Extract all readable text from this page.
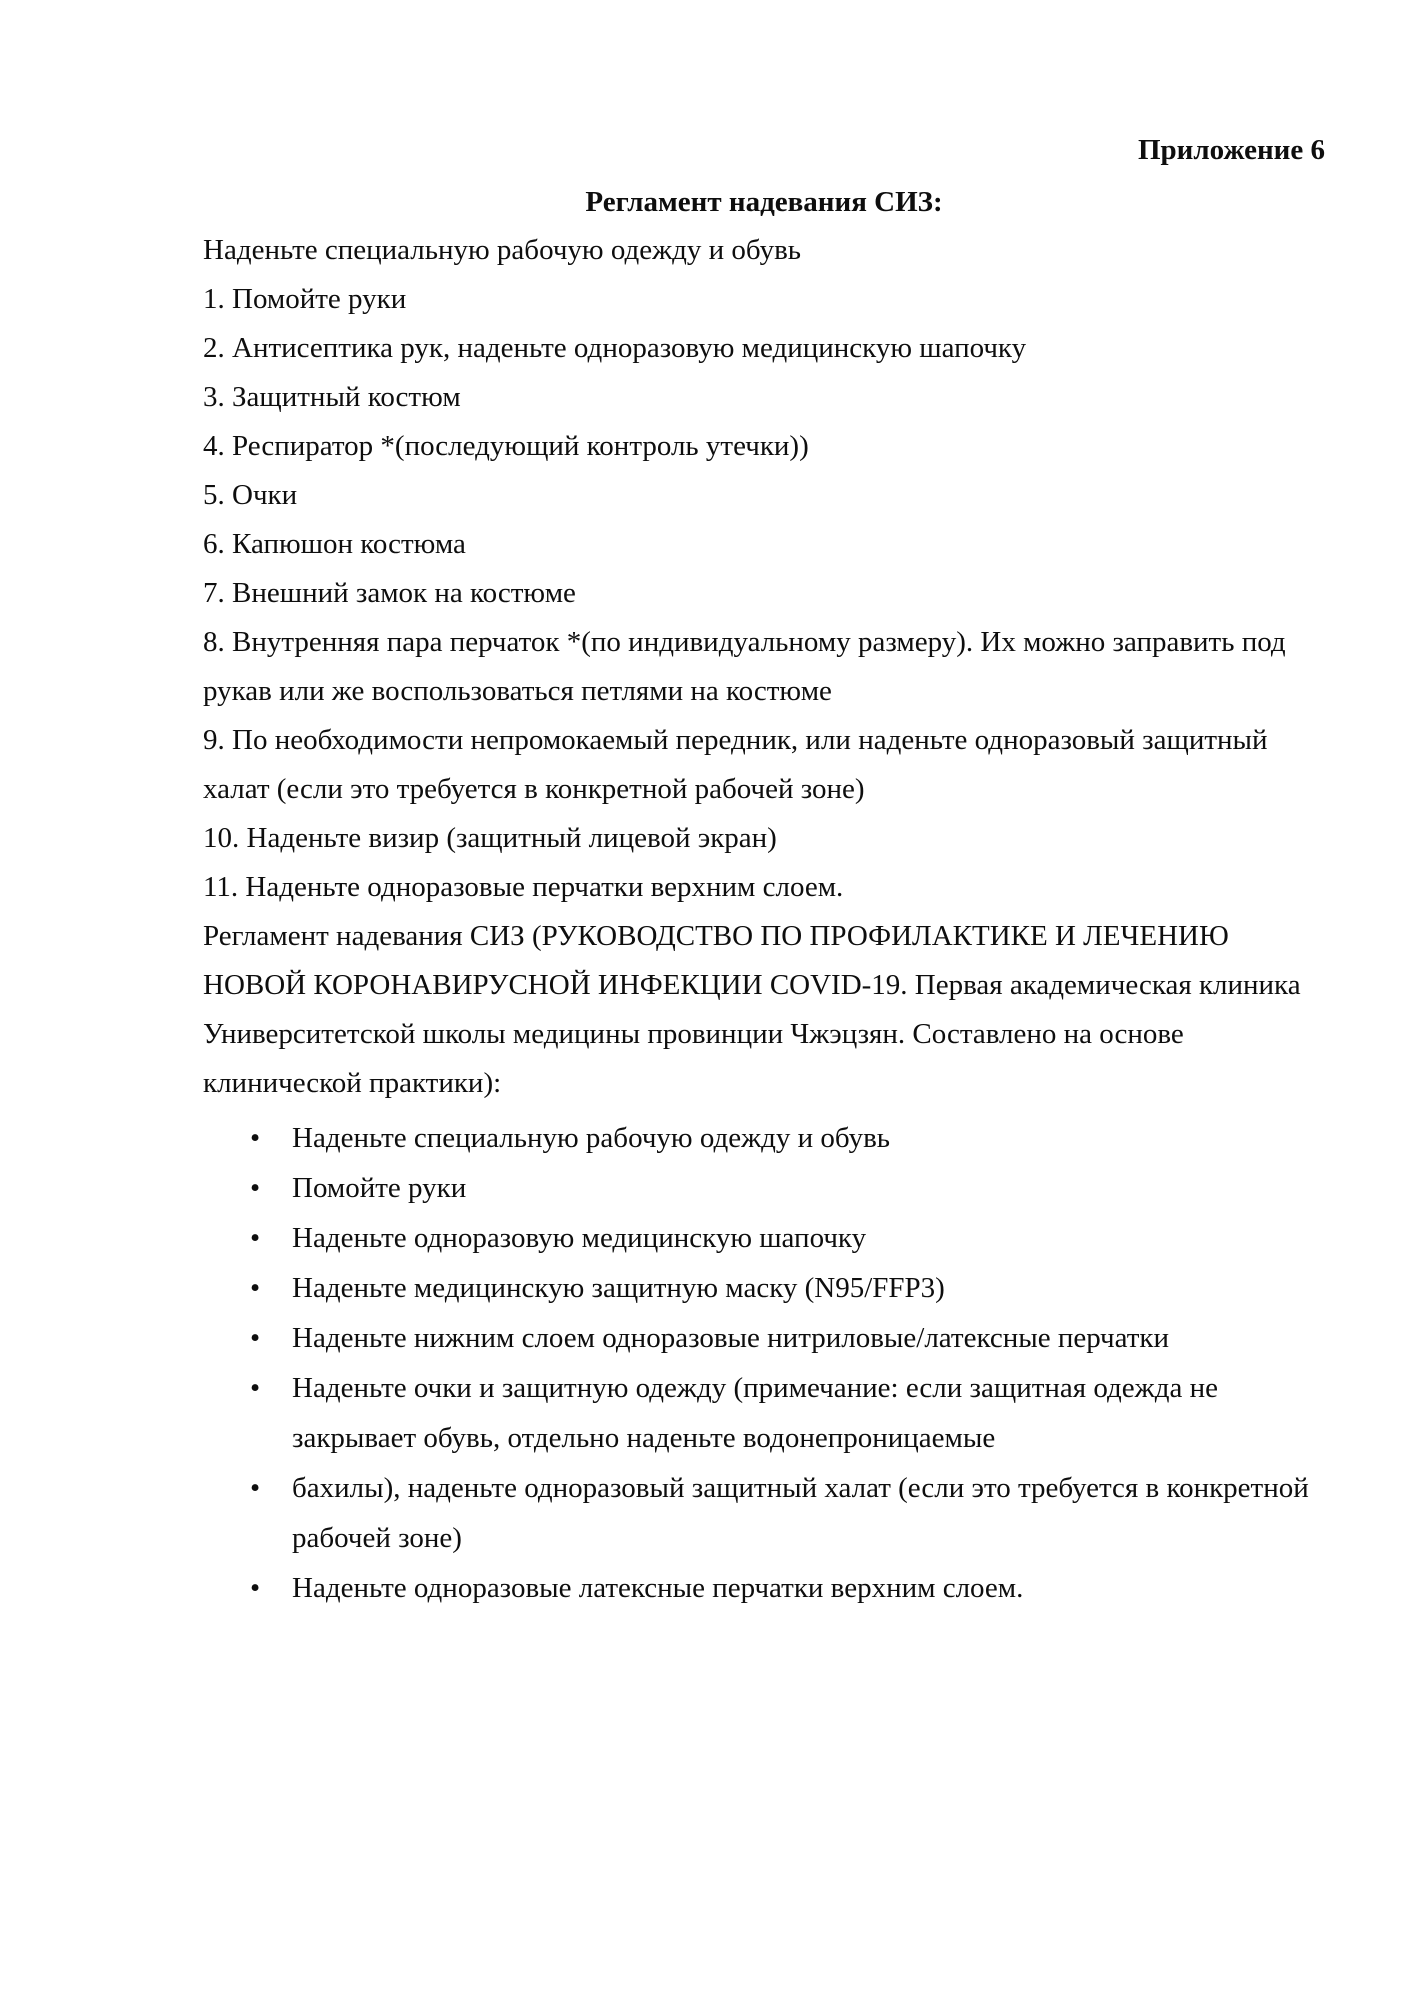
Приложение 6
Регламент надевания СИЗ:
Наденьте специальную рабочую одежду и обувь
1. Помойте руки
2. Антисептика рук, наденьте одноразовую медицинскую шапочку
3. Защитный костюм
4. Респиратор *(последующий контроль утечки))
5. Очки
6. Капюшон костюма
7. Внешний замок на костюме
8. Внутренняя пара перчаток *(по индивидуальному размеру). Их можно заправить под
рукав или же воспользоваться петлями на костюме
9. По необходимости непромокаемый передник, или наденьте одноразовый защитный
халат (если это требуется в конкретной рабочей зоне)
10. Наденьте визир (защитный лицевой экран)
11. Наденьте одноразовые перчатки верхним слоем.
Регламент надевания СИЗ (РУКОВОДСТВО ПО ПРОФИЛАКТИКЕ И ЛЕЧЕНИЮ
НОВОЙ КОРОНАВИРУСНОЙ ИНФЕКЦИИ COVID-19. Первая академическая клиника
Университетской школы медицины провинции Чжэцзян. Составлено на основе
клинической практики):
• Наденьте специальную рабочую одежду и обувь
• Помойте руки
• Наденьте одноразовую медицинскую шапочку
• Наденьте медицинскую защитную маску (N95/FFP3)
• Наденьте нижним слоем одноразовые нитриловые/латексные перчатки
• Наденьте очки и защитную одежду (примечание: если защитная одежда не
закрывает обувь, отдельно наденьте водонепроницаемые
• бахилы), наденьте одноразовый защитный халат (если это требуется в конкретной
рабочей зоне)
• Наденьте одноразовые латексные перчатки верхним слоем.
